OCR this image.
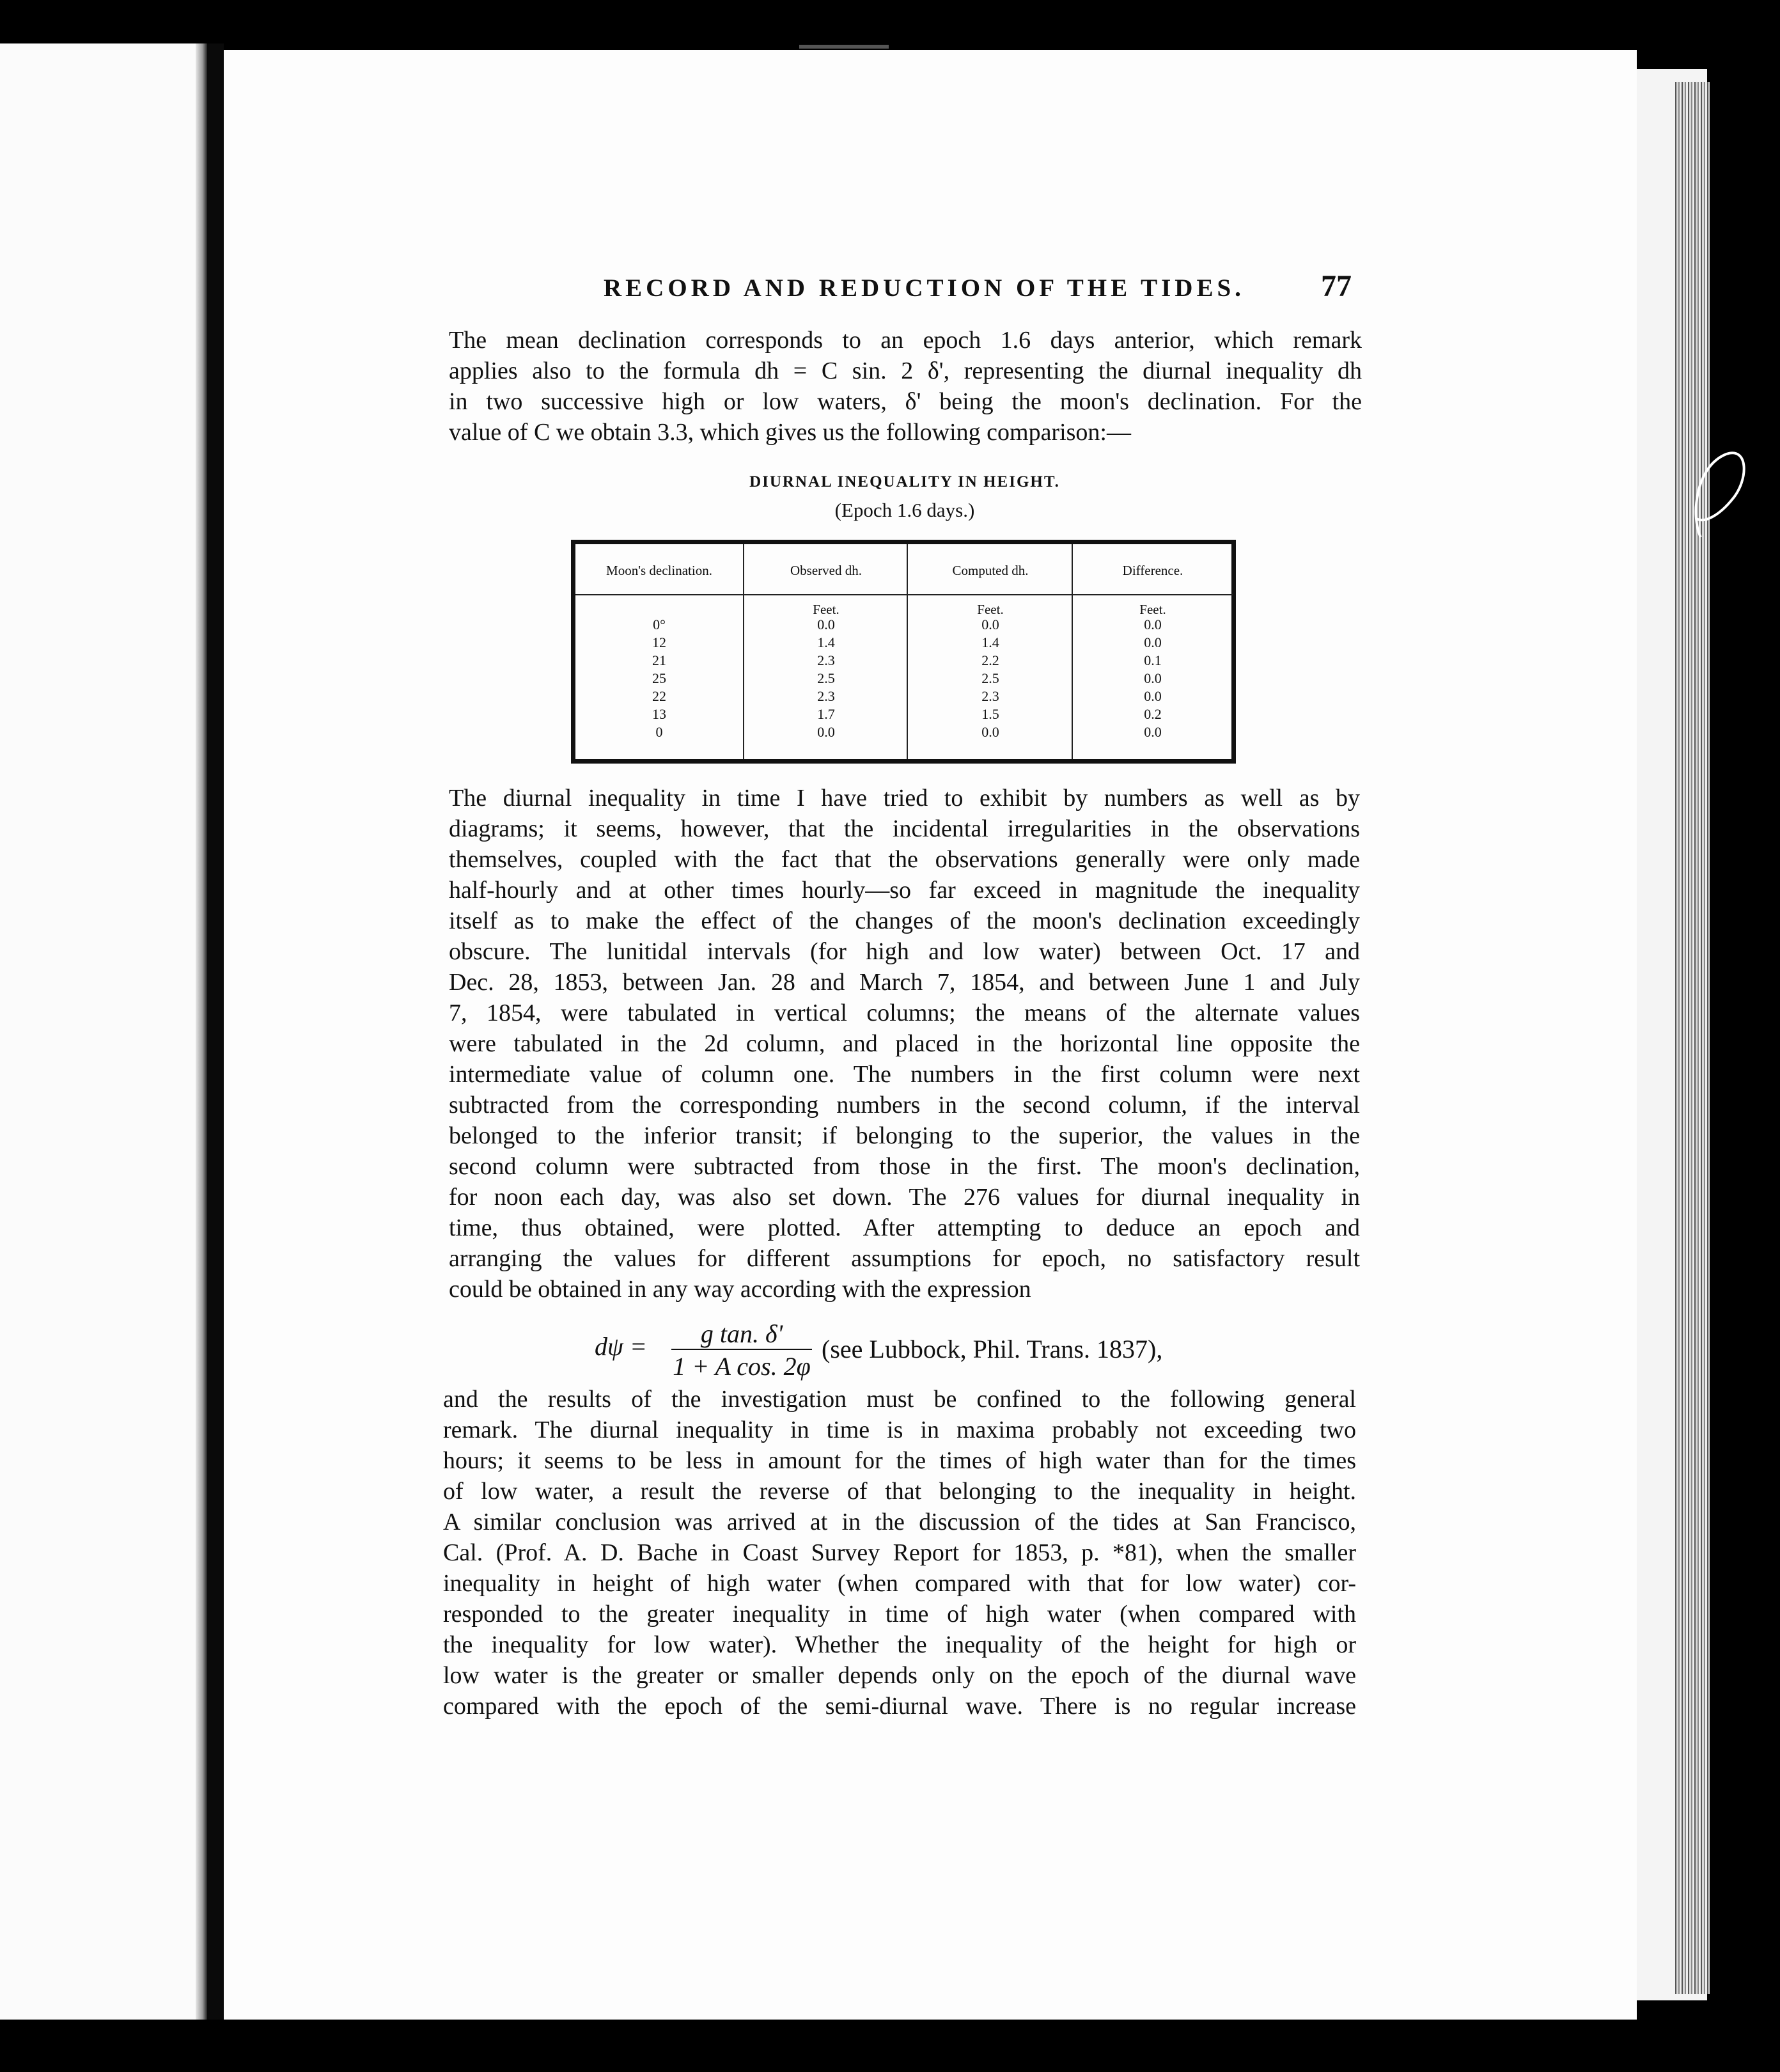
RECORD AND REDUCTION OF THE TIDES. 77

The mean declination corresponds to an epoch 1.6 days anterior, which remark
applies also to the formula dh = C sin. 2 δ', representing the diurnal inequality dh
in two successive high or low waters, δ' being the moon's declination. For the
value of C we obtain 3.3, which gives us the following comparison:—

DIURNAL INEQUALITY IN HEIGHT.
(Epoch 1.6 days.)
Moon's declination.
0°
12
21
25
22
13
0
Observed dh.
Feet.
0.0
1.4
2.3
2.5
2.3
1.7
0.0
Computed dh.
Feet.
0.0
1.4
2.2
2.5
2.3
1.5
0.0
Difference.
Feet.
0.0
0.0
0.1
0.0
0.0
0.2
0.0

The diurnal inequality in time I have tried to exhibit by numbers as well as by
diagrams; it seems, however, that the incidental irregularities in the observations
themselves, coupled with the fact that the observations generally were only made
half-hourly and at other times hourly—so far exceed in magnitude the inequality
itself as to make the effect of the changes of the moon's declination exceedingly
obscure. The lunitidal intervals (for high and low water) between Oct. 17 and
Dec. 28, 1853, between Jan. 28 and March 7, 1854, and between June 1 and July
7, 1854, were tabulated in vertical columns; the means of the alternate values
were tabulated in the 2d column, and placed in the horizontal line opposite the
intermediate value of column one. The numbers in the first column were next
subtracted from the corresponding numbers in the second column, if the interval
belonged to the inferior transit; if belonging to the superior, the values in the
second column were subtracted from those in the first. The moon's declination,
for noon each day, was also set down. The 276 values for diurnal inequality in
time, thus obtained, were plotted. After attempting to deduce an epoch and
arranging the values for different assumptions for epoch, no satisfactory result
could be obtained in any way according with the expression

$d\psi = \frac{\text{g tan. δ'}}{\text{1 + A cos. 2φ}} (see$ Lubbock, Phil. Trans. 1837),

and the results of the investigation must be confined to the following general
remark. The diurnal inequality in time is in maxima probably not exceeding two
hours; it seems to be less in amount for the times of high water than for the times
of low water, a result the reverse of that belonging to the inequality in height.
A similar conclusion was arrived at in the discussion of the tides at San Francisco,
Cal. (Prof. A. D. Bache in Coast Survey Report for 1853, p. *81), when the smaller
inequality in height of high water (when compared with that for low water) cor-
responded to the greater inequality in time of high water (when compared with
the inequality for low water). Whether the inequality of the height for high or
low water is the greater or smaller depends only on the epoch of the diurnal wave
compared with the epoch of the semi-diurnal wave. There is no regular increase
